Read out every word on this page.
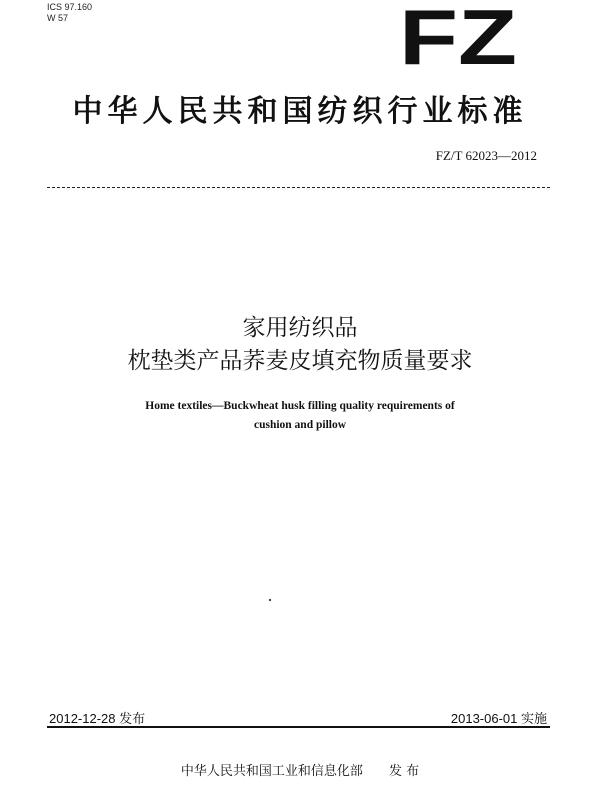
ICS 97.160
W 57	FZ
中华人民共和国纺织行业标准
FZ/T 62023—2012
家用纺织品
枕垫类产品荞麦皮填充物质量要求
Home textiles—Buckwheat husk filling quality requirements of
cushion and pillow
2012-12-28 发布	2013-06-01 实施
中华人民共和国工业和信息化部 发 布
